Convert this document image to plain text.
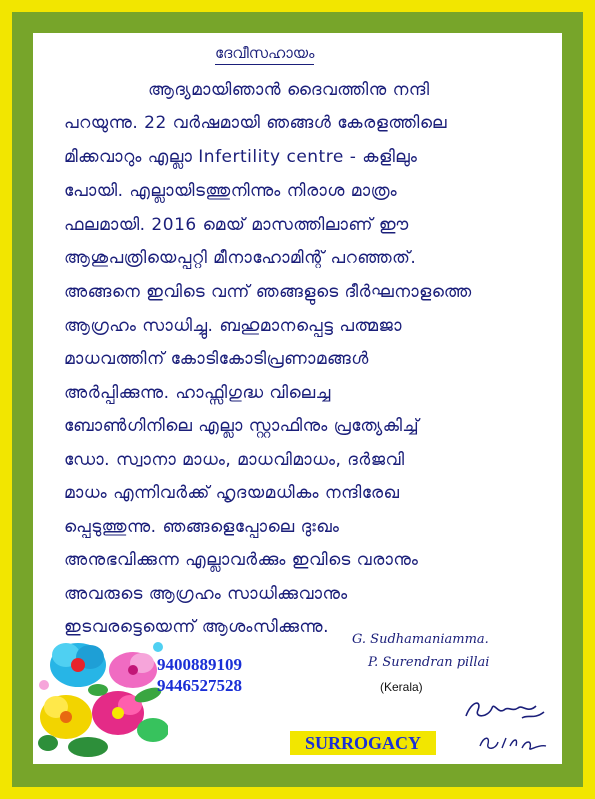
ദേവീസഹായം
ആദ്യമായിഞാൻ ദൈവത്തിനു നന്ദി
പറയുന്നു. 22 വർഷമായി ഞങ്ങൾ കേരളത്തിലെ
മിക്കവാറും എല്ലാ Infertility centre - കളിലും
പോയി. എല്ലായിടത്തുനിന്നും നിരാശ മാത്രം
ഫലമായി. 2016 മെയ് മാസത്തിലാണ് ഈ
ആശുപത്രിയെപ്പറ്റി മീനാഹോമിന്റ് പറഞ്ഞത്.
അങ്ങനെ ഇവിടെ വന്ന് ഞങ്ങളുടെ ദീർഘനാളത്തെ
ആഗ്രഹം സാധിച്ചു. ബഹുമാനപ്പെട്ട പത്മജാ
മാധവത്തിന് കോടികോടിപ്രണാമങ്ങൾ
അർപ്പിക്കുന്നു. ഹാഫ്സിഗുദ്ധ വിലെച്ച
ബോൺഗിനിലെ എല്ലാ സ്റ്റാഫിനും പ്രത്യേകിച്ച്
ഡോ. സ്വാനാ മാധം, മാധവിമാധം, ദർജവി
മാധം എന്നിവർക്ക് ഹൃദയമധികം നന്ദിരേഖ
പ്പെടുത്തുന്നു. ഞങ്ങളെപ്പോലെ ദുഃഖം
അനുഭവിക്കുന്ന എല്ലാവർക്കും ഇവിടെ വരാനും
അവരുടെ ആഗ്രഹം സാധിക്കുവാനും
ഇടവരട്ടെയെന്ന് ആശംസിക്കുന്നു.
G. Sudhamaniamma.
P. Surendran pillai
(Kerala)
9400889109
9446527528
SURROGACY
